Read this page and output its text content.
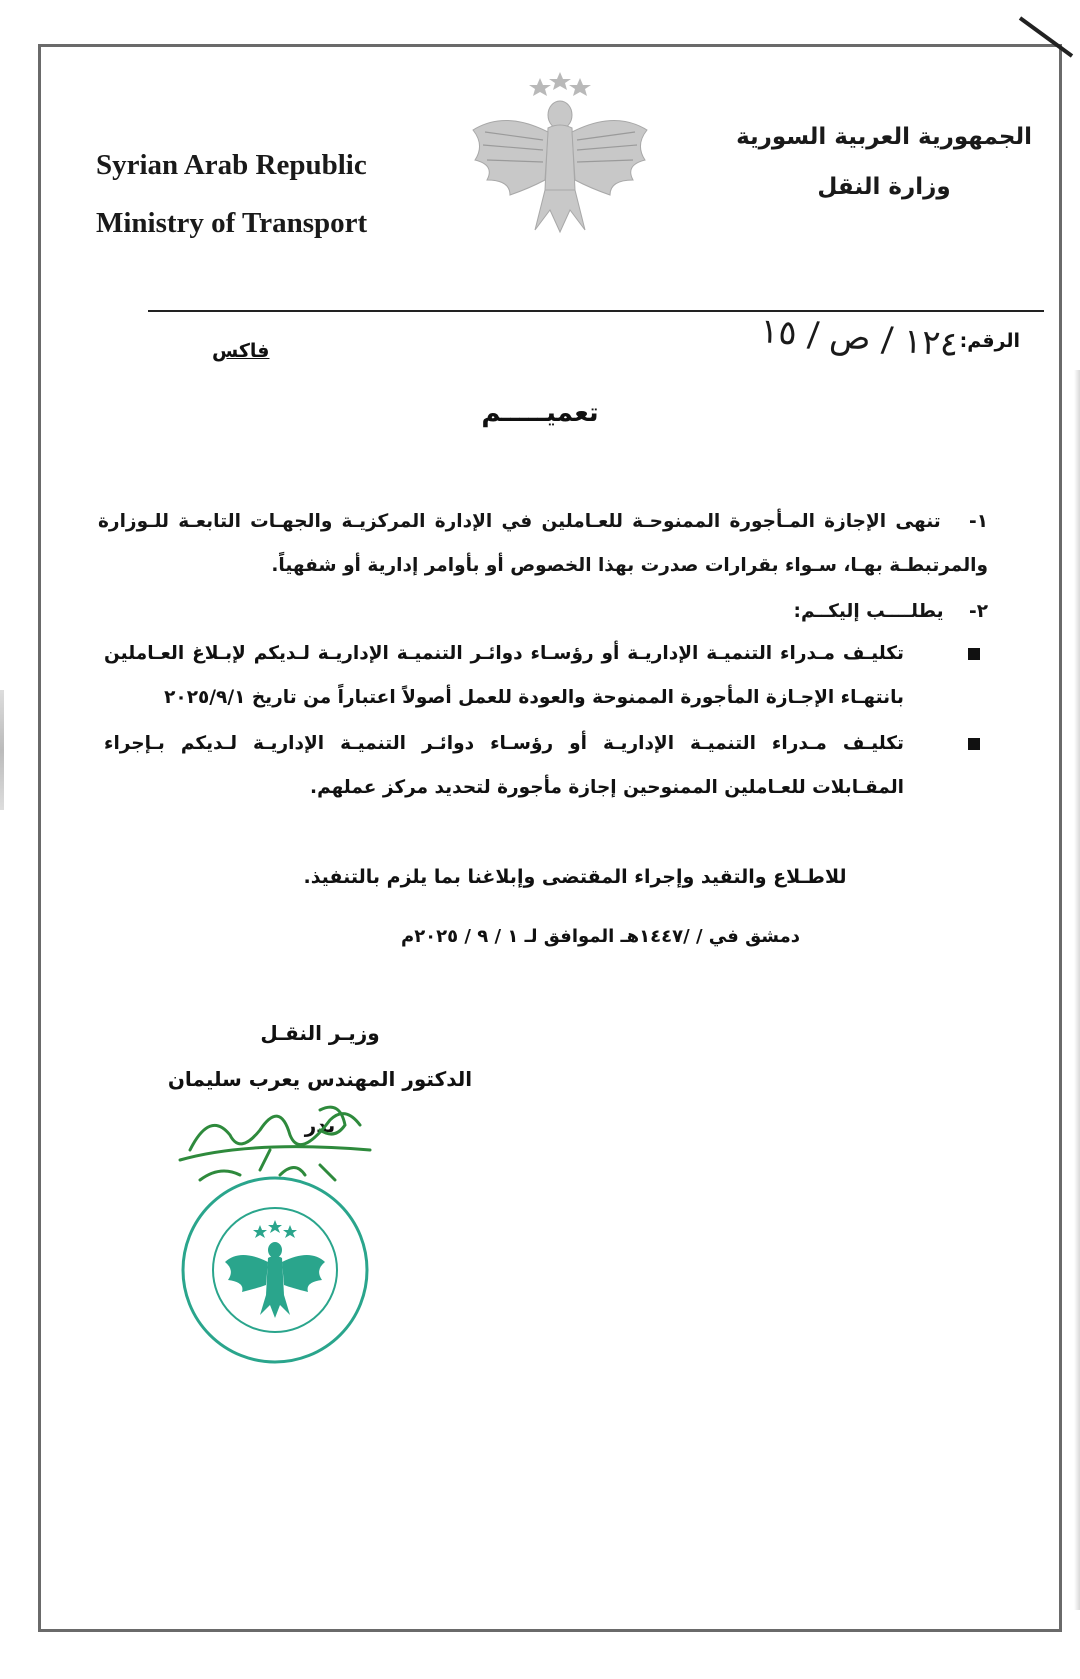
Syrian Arab Republic
Ministry of Transport
الجمهورية العربية السورية
وزارة النقل
الرقم:
١٢٤ / ص / ١٥
فاكس
تعميـــــم
١- تنهى الإجازة المـأجورة الممنوحـة للعـاملين في الإدارة المركزيـة والجهـات التابعـة للـوزارة والمرتبطـة بهـا، سـواء بقرارات صدرت بهذا الخصوص أو بأوامر إدارية أو شفهياً.
٢- يطلــــب إليكــم:
تكليـف مـدراء التنميـة الإداريـة أو رؤسـاء دوائـر التنميـة الإداريـة لـديكم لإبـلاغ العـاملين بانتهـاء الإجـازة المأجورة الممنوحة والعودة للعمل أصولاً اعتباراً من تاريخ ٢٠٢٥/٩/١
تكليـف مـدراء التنميـة الإداريـة أو رؤسـاء دوائـر التنميـة الإداريـة لـديكم بـإجراء المقـابلات للعـاملين الممنوحين إجازة مأجورة لتحديد مركز عملهم.
للاطـلاع والتقيد وإجراء المقتضى وإبلاغنا بما يلزم بالتنفيذ.
دمشق في / /١٤٤٧هـ الموافق لـ ١ / ٩ / ٢٠٢٥م
وزيـر النقـل
الدكتور المهندس يعرب سليمان بدر
